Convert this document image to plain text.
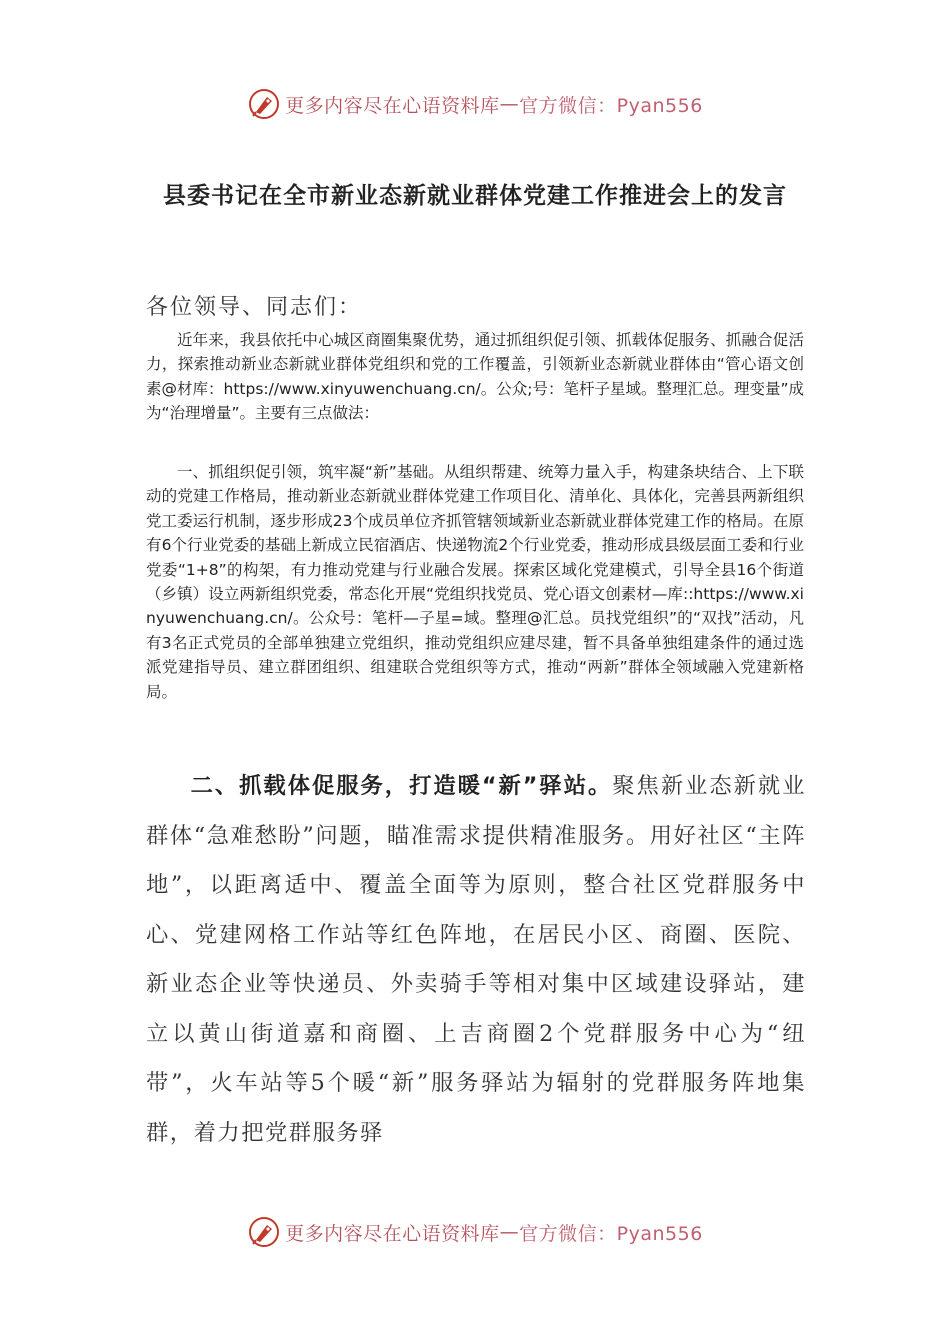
更多内容尽在心语资料库 — 官方微信：Pyan556
县委书记在全市新业态新就业群体党建工作推进会上的发言
各位领导、同志们：

近年来，我县依托中心城区商圈集聚优势，通过抓组织促引领、抓载体促服务、抓融合促活力，探索推动新业态新就业群体党组织和党的工作覆盖，引领新业态新就业群体由“管心语文创素@材库：https://www.xinyuwenchuang.cn/。公众;号：笔杆子星域。整理汇总。理变量”成为“治理增量”。主要有三点做法：

一、抓组织促引领，筑牢凝“新”基础。从组织帮建、统筹力量入手，构建条块结合、上下联动的党建工作格局，推动新业态新就业群体党建工作项目化、清单化、具体化，完善县两新组织党工委运行机制，逐步形成23个成员单位齐抓管辖领域新业态新就业群体党建工作的格局。在原有6个行业党委的基础上新成立民宿酒店、快递物流2个行业党委，推动形成县级层面工委和行业党委“1+8”的构架，有力推动党建与行业融合发展。探索区域化党建模式，引导全县16个街道（乡镇）设立两新组织党委，常态化开展“党组织找党员、党心语文创素材—库::https://www.xinyuwenchuang.cn/。公众号：笔杆—子星=域。整理@汇总。员找党组织”的“双找”活动，凡有3名正式党员的全部单独建立党组织，推动党组织应建尽建，暂不具备单独组建条件的通过选派党建指导员、建立群团组织、组建联合党组织等方式，推动“两新”群体全领域融入党建新格局。

二、抓载体促服务，打造暖“新”驿站。聚焦新业态新就业群体“急难愁盼”问题，瞄准需求提供精准服务。用好社区“主阵地”，以距离适中、覆盖全面等为原则，整合社区党群服务中心、党建网格工作站等红色阵地，在居民小区、商圈、医院、新业态企业等快递员、外卖骑手等相对集中区域建设驿站，建立以黄山街道嘉和商圈、上吉商圈2个党群服务中心为“纽带”，火车站等5个暖“新”服务驿站为辐射的党群服务阵地集群，着力把党群服务驿

更多内容尽在心语资料库 — 官方微信：Pyan556
